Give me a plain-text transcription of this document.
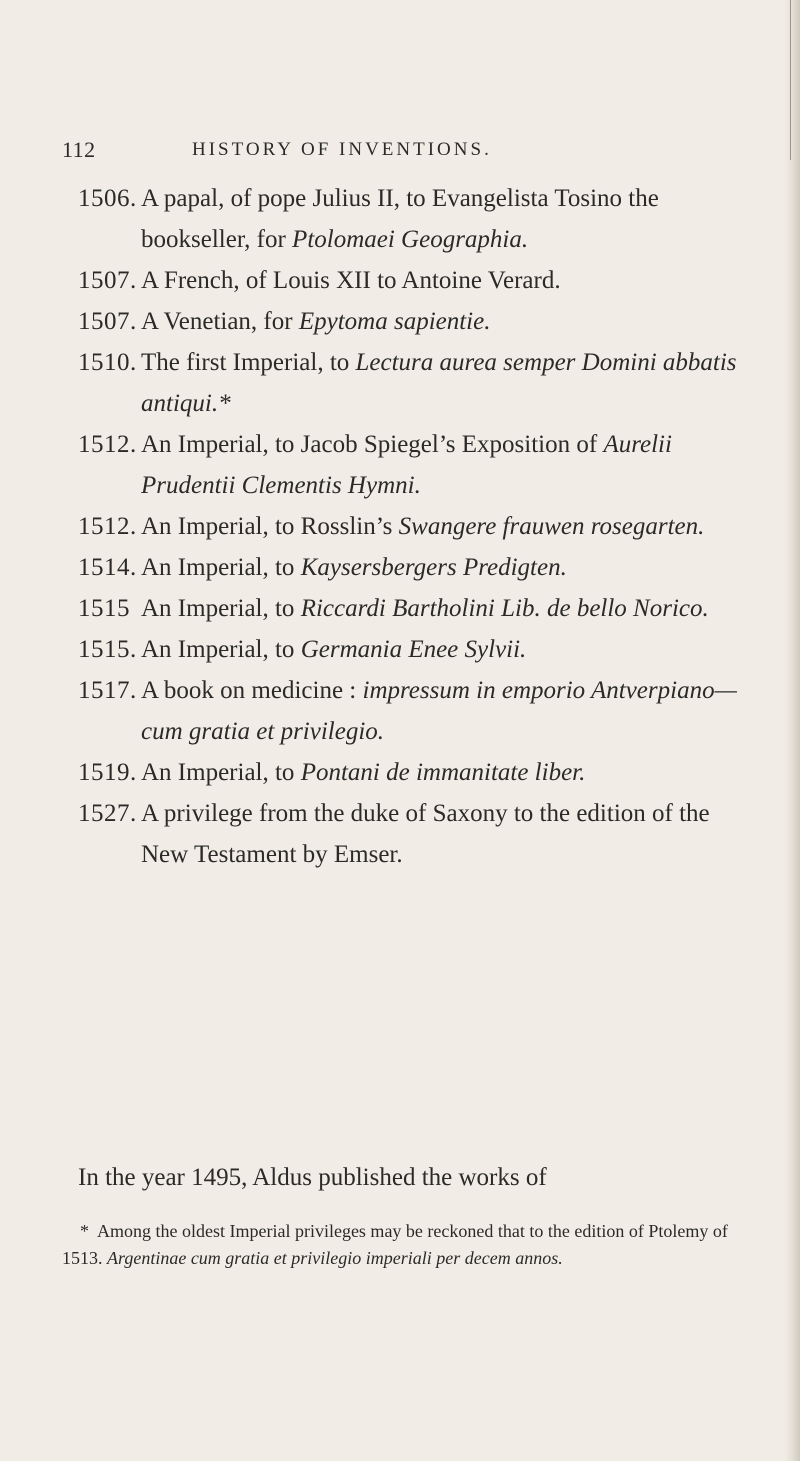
112	HISTORY OF INVENTIONS.
1506. A papal, of pope Julius II, to Evangelista Tosino the bookseller, for Ptolomaei Geographia.
1507. A French, of Louis XII to Antoine Verard.
1507. A Venetian, for Epytoma sapientie.
1510. The first Imperial, to Lectura aurea semper Domini abbatis antiqui.*
1512. An Imperial, to Jacob Spiegel’s Exposition of Aurelii Prudentii Clementis Hymni.
1512. An Imperial, to Rosslin’s Swangere frauwen rosegarten.
1514. An Imperial, to Kaysersbergers Predigten.
1515 An Imperial, to Riccardi Bartholini Lib. de bello Norico.
1515. An Imperial, to Germania Enee Sylvii.
1517. A book on medicine : impressum in emporio Antverpiano—cum gratia et privilegio.
1519. An Imperial, to Pontani de immanitate liber.
1527. A privilege from the duke of Saxony to the edition of the New Testament by Emser.
In the year 1495, Aldus published the works of
* Among the oldest Imperial privileges may be reckoned that to the edition of Ptolemy of 1513. Argentinae cum gratia et privilegio imperiali per decem annos.
